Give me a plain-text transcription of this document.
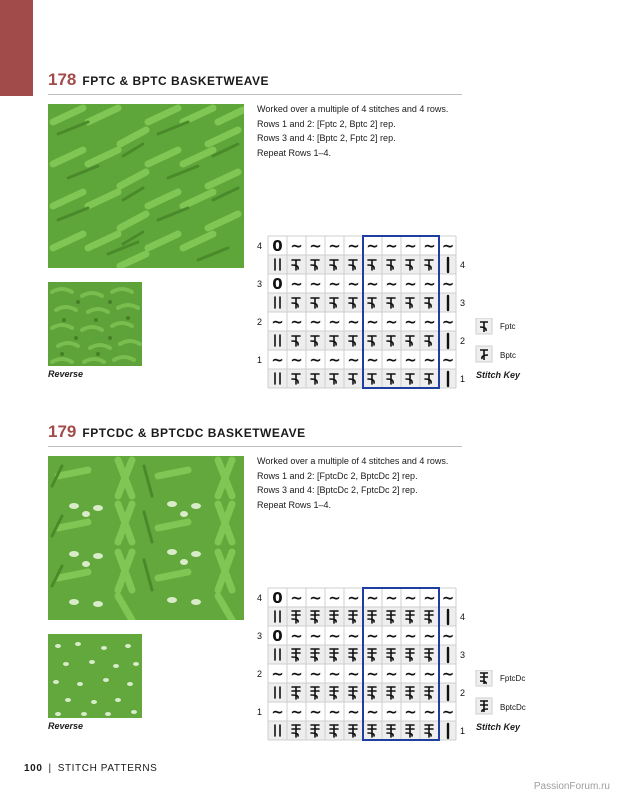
178 FPTC & BPTC BASKETWEAVE
Reverse
Worked over a multiple of 4 stitches and 4 rows.
Rows 1 and 2: [Fptc 2, Bptc 2] rep.
Rows 3 and 4: [Bptc 2, Fptc 2] rep.
Repeat Rows 1–4.
0 ~ ~ ~ ~ ~ ~ ~ ~ ~
0 ~ ~ ~ ~ ~ ~ ~ ~ ~
~ ~ ~ ~ ~ ~ ~ ~ ~ ~
~ ~ ~ ~ ~ ~ ~ ~ ~ ~
4
3
2
1
4
3
2
1
Fptc
Bptc
Stitch Key
179 FPTCDC & BPTCDC BASKETWEAVE
Reverse
Worked over a multiple of 4 stitches and 4 rows.
Rows 1 and 2: [FptcDc 2, BptcDc 2] rep.
Rows 3 and 4: [BptcDc 2, FptcDc 2] rep.
Repeat Rows 1–4.
0 ~ ~ ~ ~ ~ ~ ~ ~ ~
0 ~ ~ ~ ~ ~ ~ ~ ~ ~
~ ~ ~ ~ ~ ~ ~ ~ ~ ~
~ ~ ~ ~ ~ ~ ~ ~ ~ ~
4
3
2
1
4
3
2
1
FptcDc
BptcDc
Stitch Key
100 | STITCH PATTERNS
PassionForum.ru
